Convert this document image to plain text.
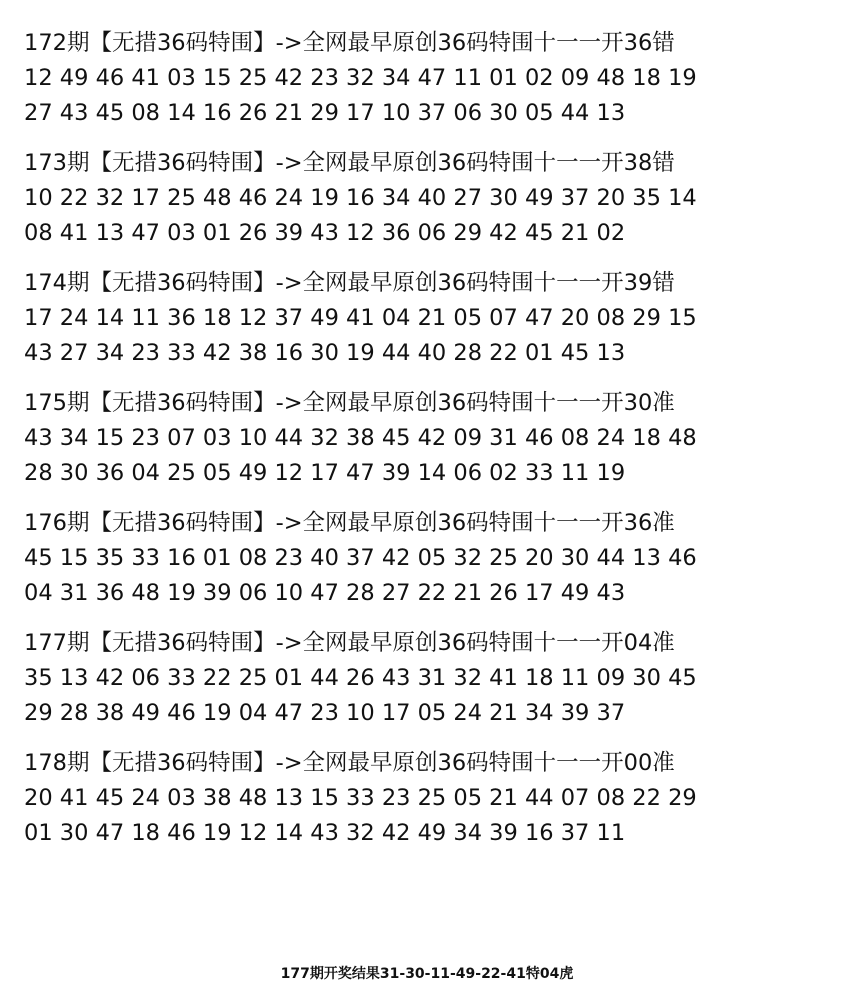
172期【无措36码特围】->全网最早原创36码特围十一一开36错
12 49 46 41 03 15 25 42 23 32 34 47 11 01 02 09 48 18 19
27 43 45 08 14 16 26 21 29 17 10 37 06 30 05 44 13
173期【无措36码特围】->全网最早原创36码特围十一一开38错
10 22 32 17 25 48 46 24 19 16 34 40 27 30 49 37 20 35 14
08 41 13 47 03 01 26 39 43 12 36 06 29 42 45 21 02
174期【无措36码特围】->全网最早原创36码特围十一一开39错
17 24 14 11 36 18 12 37 49 41 04 21 05 07 47 20 08 29 15
43 27 34 23 33 42 38 16 30 19 44 40 28 22 01 45 13
175期【无措36码特围】->全网最早原创36码特围十一一开30准
43 34 15 23 07 03 10 44 32 38 45 42 09 31 46 08 24 18 48
28 30 36 04 25 05 49 12 17 47 39 14 06 02 33 11 19
176期【无措36码特围】->全网最早原创36码特围十一一开36准
45 15 35 33 16 01 08 23 40 37 42 05 32 25 20 30 44 13 46
04 31 36 48 19 39 06 10 47 28 27 22 21 26 17 49 43
177期【无措36码特围】->全网最早原创36码特围十一一开04准
35 13 42 06 33 22 25 01 44 26 43 31 32 41 18 11 09 30 45
29 28 38 49 46 19 04 47 23 10 17 05 24 21 34 39 37
178期【无措36码特围】->全网最早原创36码特围十一一开00准
20 41 45 24 03 38 48 13 15 33 23 25 05 21 44 07 08 22 29
01 30 47 18 46 19 12 14 43 32 42 49 34 39 16 37 11
177期开奖结果31-30-11-49-22-41特04虎
